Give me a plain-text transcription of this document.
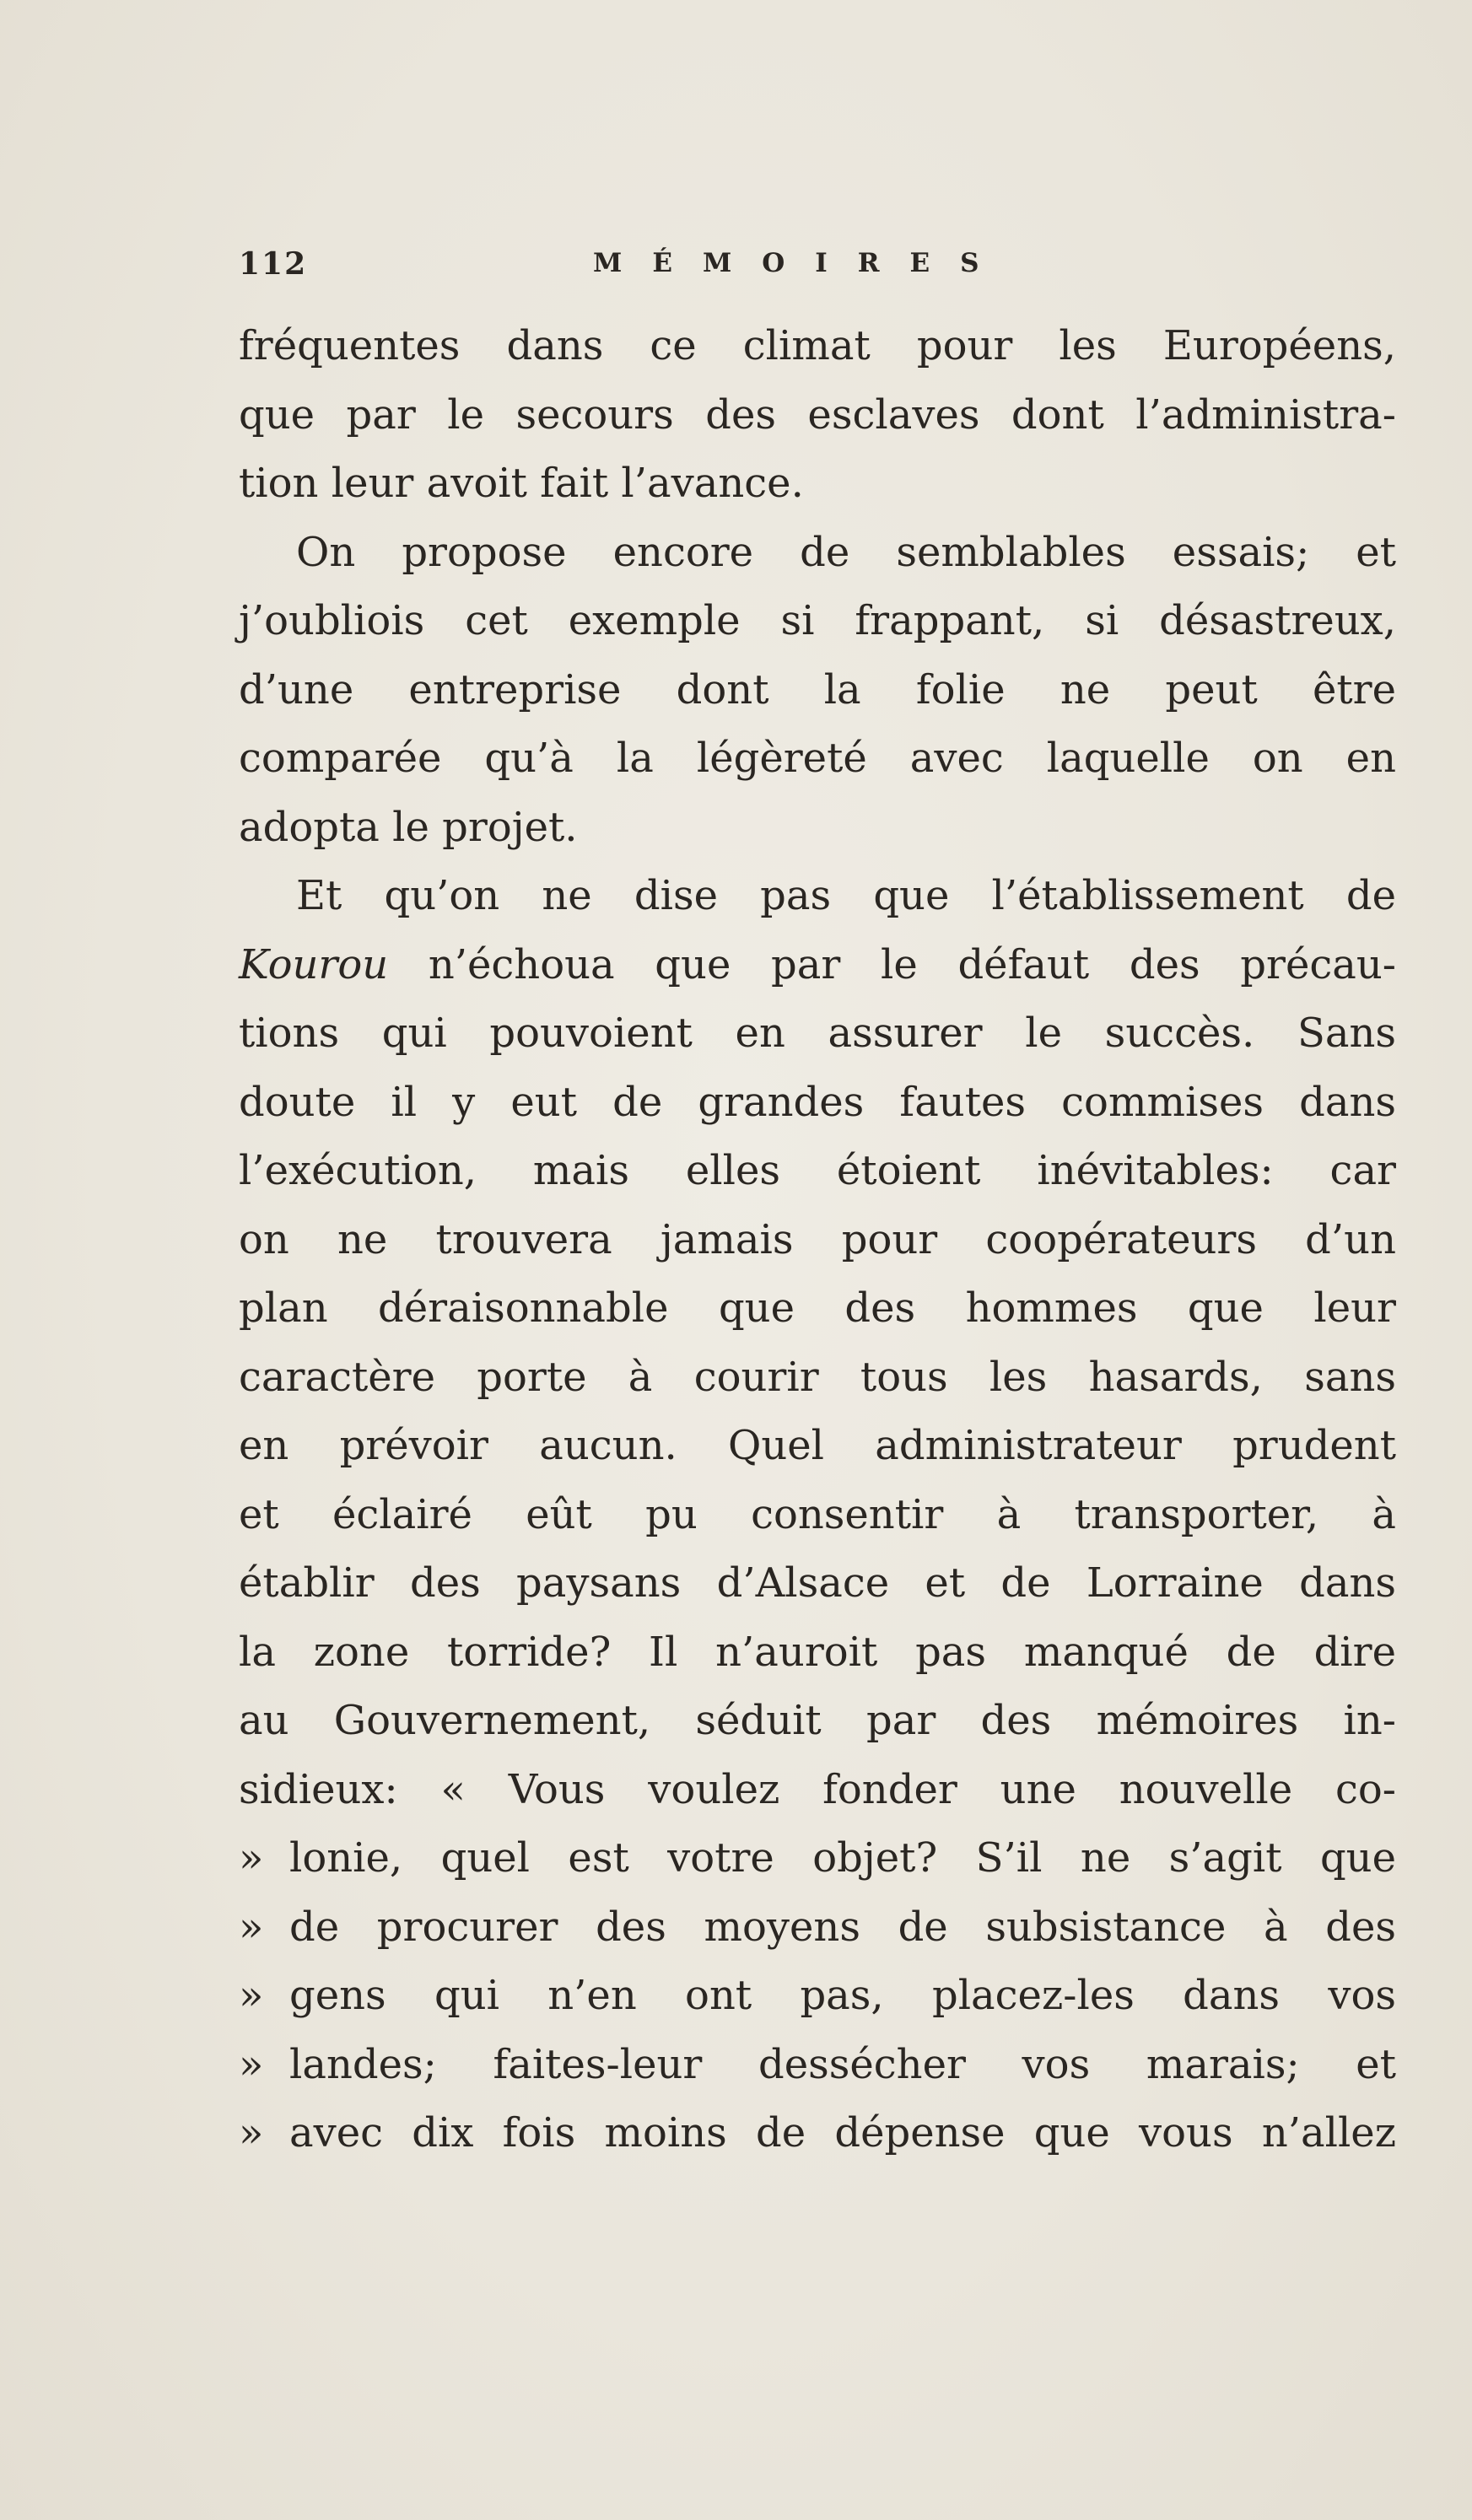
112	MÉMOIRES
fréquentes dans ce climat pour les Européens,
que par le secours des esclaves dont l’administra-
tion leur avoit fait l’avance.
On propose encore de semblables essais; et
j’oubliois cet exemple si frappant, si désastreux,
d’une entreprise dont la folie ne peut être
comparée qu’à la légèreté avec laquelle on en
adopta le projet.
Et qu’on ne dise pas que l’établissement de
Kourou n’échoua que par le défaut des précau-
tions qui pouvoient en assurer le succès. Sans
doute il y eut de grandes fautes commises dans
l’exécution, mais elles étoient inévitables: car
on ne trouvera jamais pour coopérateurs d’un
plan déraisonnable que des hommes que leur
caractère porte à courir tous les hasards, sans
en prévoir aucun. Quel administrateur prudent
et éclairé eût pu consentir à transporter, à
établir des paysans d’Alsace et de Lorraine dans
la zone torride? Il n’auroit pas manqué de dire
au Gouvernement, séduit par des mémoires in-
sidieux: « Vous voulez fonder une nouvelle co-
» lonie, quel est votre objet? S’il ne s’agit que
» de procurer des moyens de subsistance à des
» gens qui n’en ont pas, placez-les dans vos
» landes; faites-leur dessécher vos marais; et
» avec dix fois moins de dépense que vous n’allez
